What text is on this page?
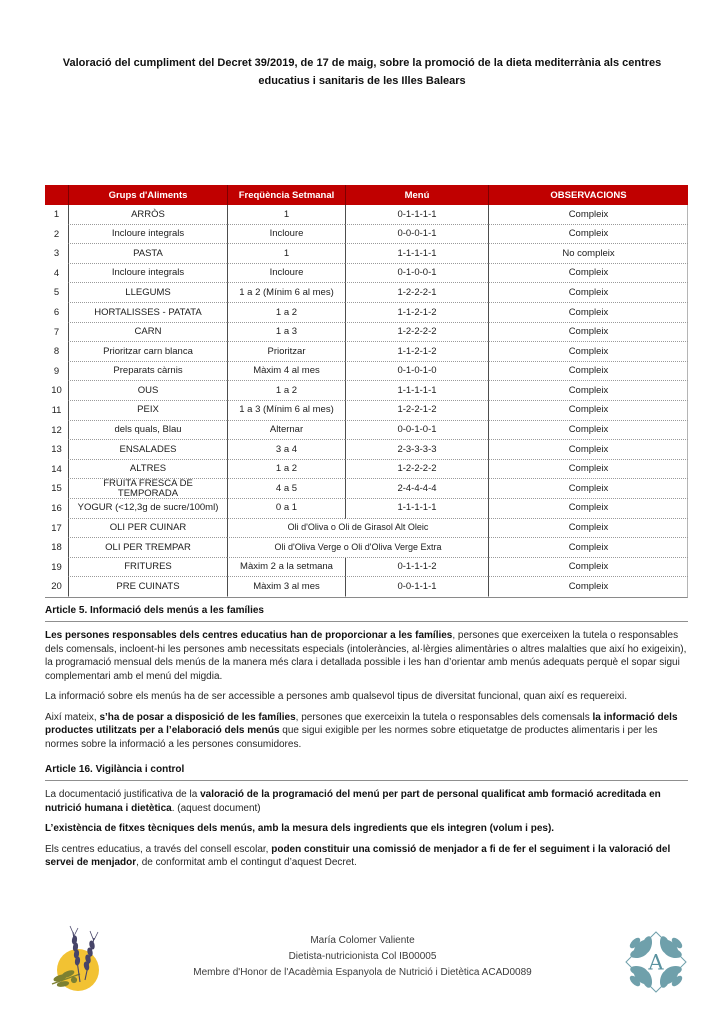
Valoració del cumpliment del Decret 39/2019, de 17 de maig, sobre la promoció de la dieta mediterrània als centres educatius i sanitaris de les Illes Balears
Grups d'Aliments	Freqüència Setmanal	Menú	OBSERVACIONS
1	ARRÒS	1	0-1-1-1-1	Compleix
2	Incloure integrals	Incloure	0-0-0-1-1	Compleix
3	PASTA	1	1-1-1-1-1	No compleix
4	Incloure integrals	Incloure	0-1-0-0-1	Compleix
5	LLEGUMS	1 a 2 (Mínim 6 al mes)	1-2-2-2-1	Compleix
6	HORTALISSES - PATATA	1 a 2	1-1-2-1-2	Compleix
7	CARN	1 a 3	1-2-2-2-2	Compleix
8	Prioritzar carn blanca	Prioritzar	1-1-2-1-2	Compleix
9	Preparats càrnis	Màxim 4 al mes	0-1-0-1-0	Compleix
10	OUS	1 a 2	1-1-1-1-1	Compleix
11	PEIX	1 a 3 (Mínim 6 al mes)	1-2-2-1-2	Compleix
12	dels quals, Blau	Alternar	0-0-1-0-1	Compleix
13	ENSALADES	3 a 4	2-3-3-3-3	Compleix
14	ALTRES	1 a 2	1-2-2-2-2	Compleix
15	FRUITA FRESCA DE TEMPORADA	4 a 5	2-4-4-4-4	Compleix
16	YOGUR (<12,3g de sucre/100ml)	0 a 1	1-1-1-1-1	Compleix
17	OLI PER CUINAR	Oli d'Oliva o Oli de Girasol Alt Oleic	Compleix
18	OLI PER TREMPAR	Oli d'Oliva Verge o Oli d'Oliva Verge Extra	Compleix
19	FRITURES	Màxim 2 a la setmana	0-1-1-1-2	Compleix
20	PRE CUINATS	Màxim 3 al mes	0-0-1-1-1	Compleix
Article 5. Informació dels menús a les famílies
Les persones responsables dels centres educatius han de proporcionar a les famílies, persones que exerceixen la tutela o responsables dels comensals, incloent-hi les persones amb necessitats especials (intoleràncies, al·lèrgies alimentàries o altres malalties que així ho exigeixin), la programació mensual dels menús de la manera més clara i detallada possible i les han d’orientar amb menús adequats perquè el sopar sigui complementari amb el menú del migdia.
La informació sobre els menús ha de ser accessible a persones amb qualsevol tipus de diversitat funcional, quan així es requereixi.
Així mateix, s’ha de posar a disposició de les famílies, persones que exerceixin la tutela o responsables dels comensals la informació dels productes utilitzats per a l’elaboració dels menús que sigui exigible per les normes sobre etiquetatge de productes alimentaris i per les normes sobre la informació a les persones consumidores.
Article 16. Vigilància i control
La documentació justificativa de la valoració de la programació del menú per part de personal qualificat amb formació acreditada en nutrició humana i dietètica. (aquest document)
L’existència de fitxes tècniques dels menús, amb la mesura dels ingredients que els integren (volum i pes).
Els centres educatius, a través del consell escolar, poden constituir una comissió de menjador a fi de fer el seguiment i la valoració del servei de menjador, de conformitat amb el contingut d’aquest Decret.
A
María Colomer Valiente
Dietista-nutricionista Col IB00005
Membre d'Honor de l'Acadèmia Espanyola de Nutrició i Dietètica ACAD0089
